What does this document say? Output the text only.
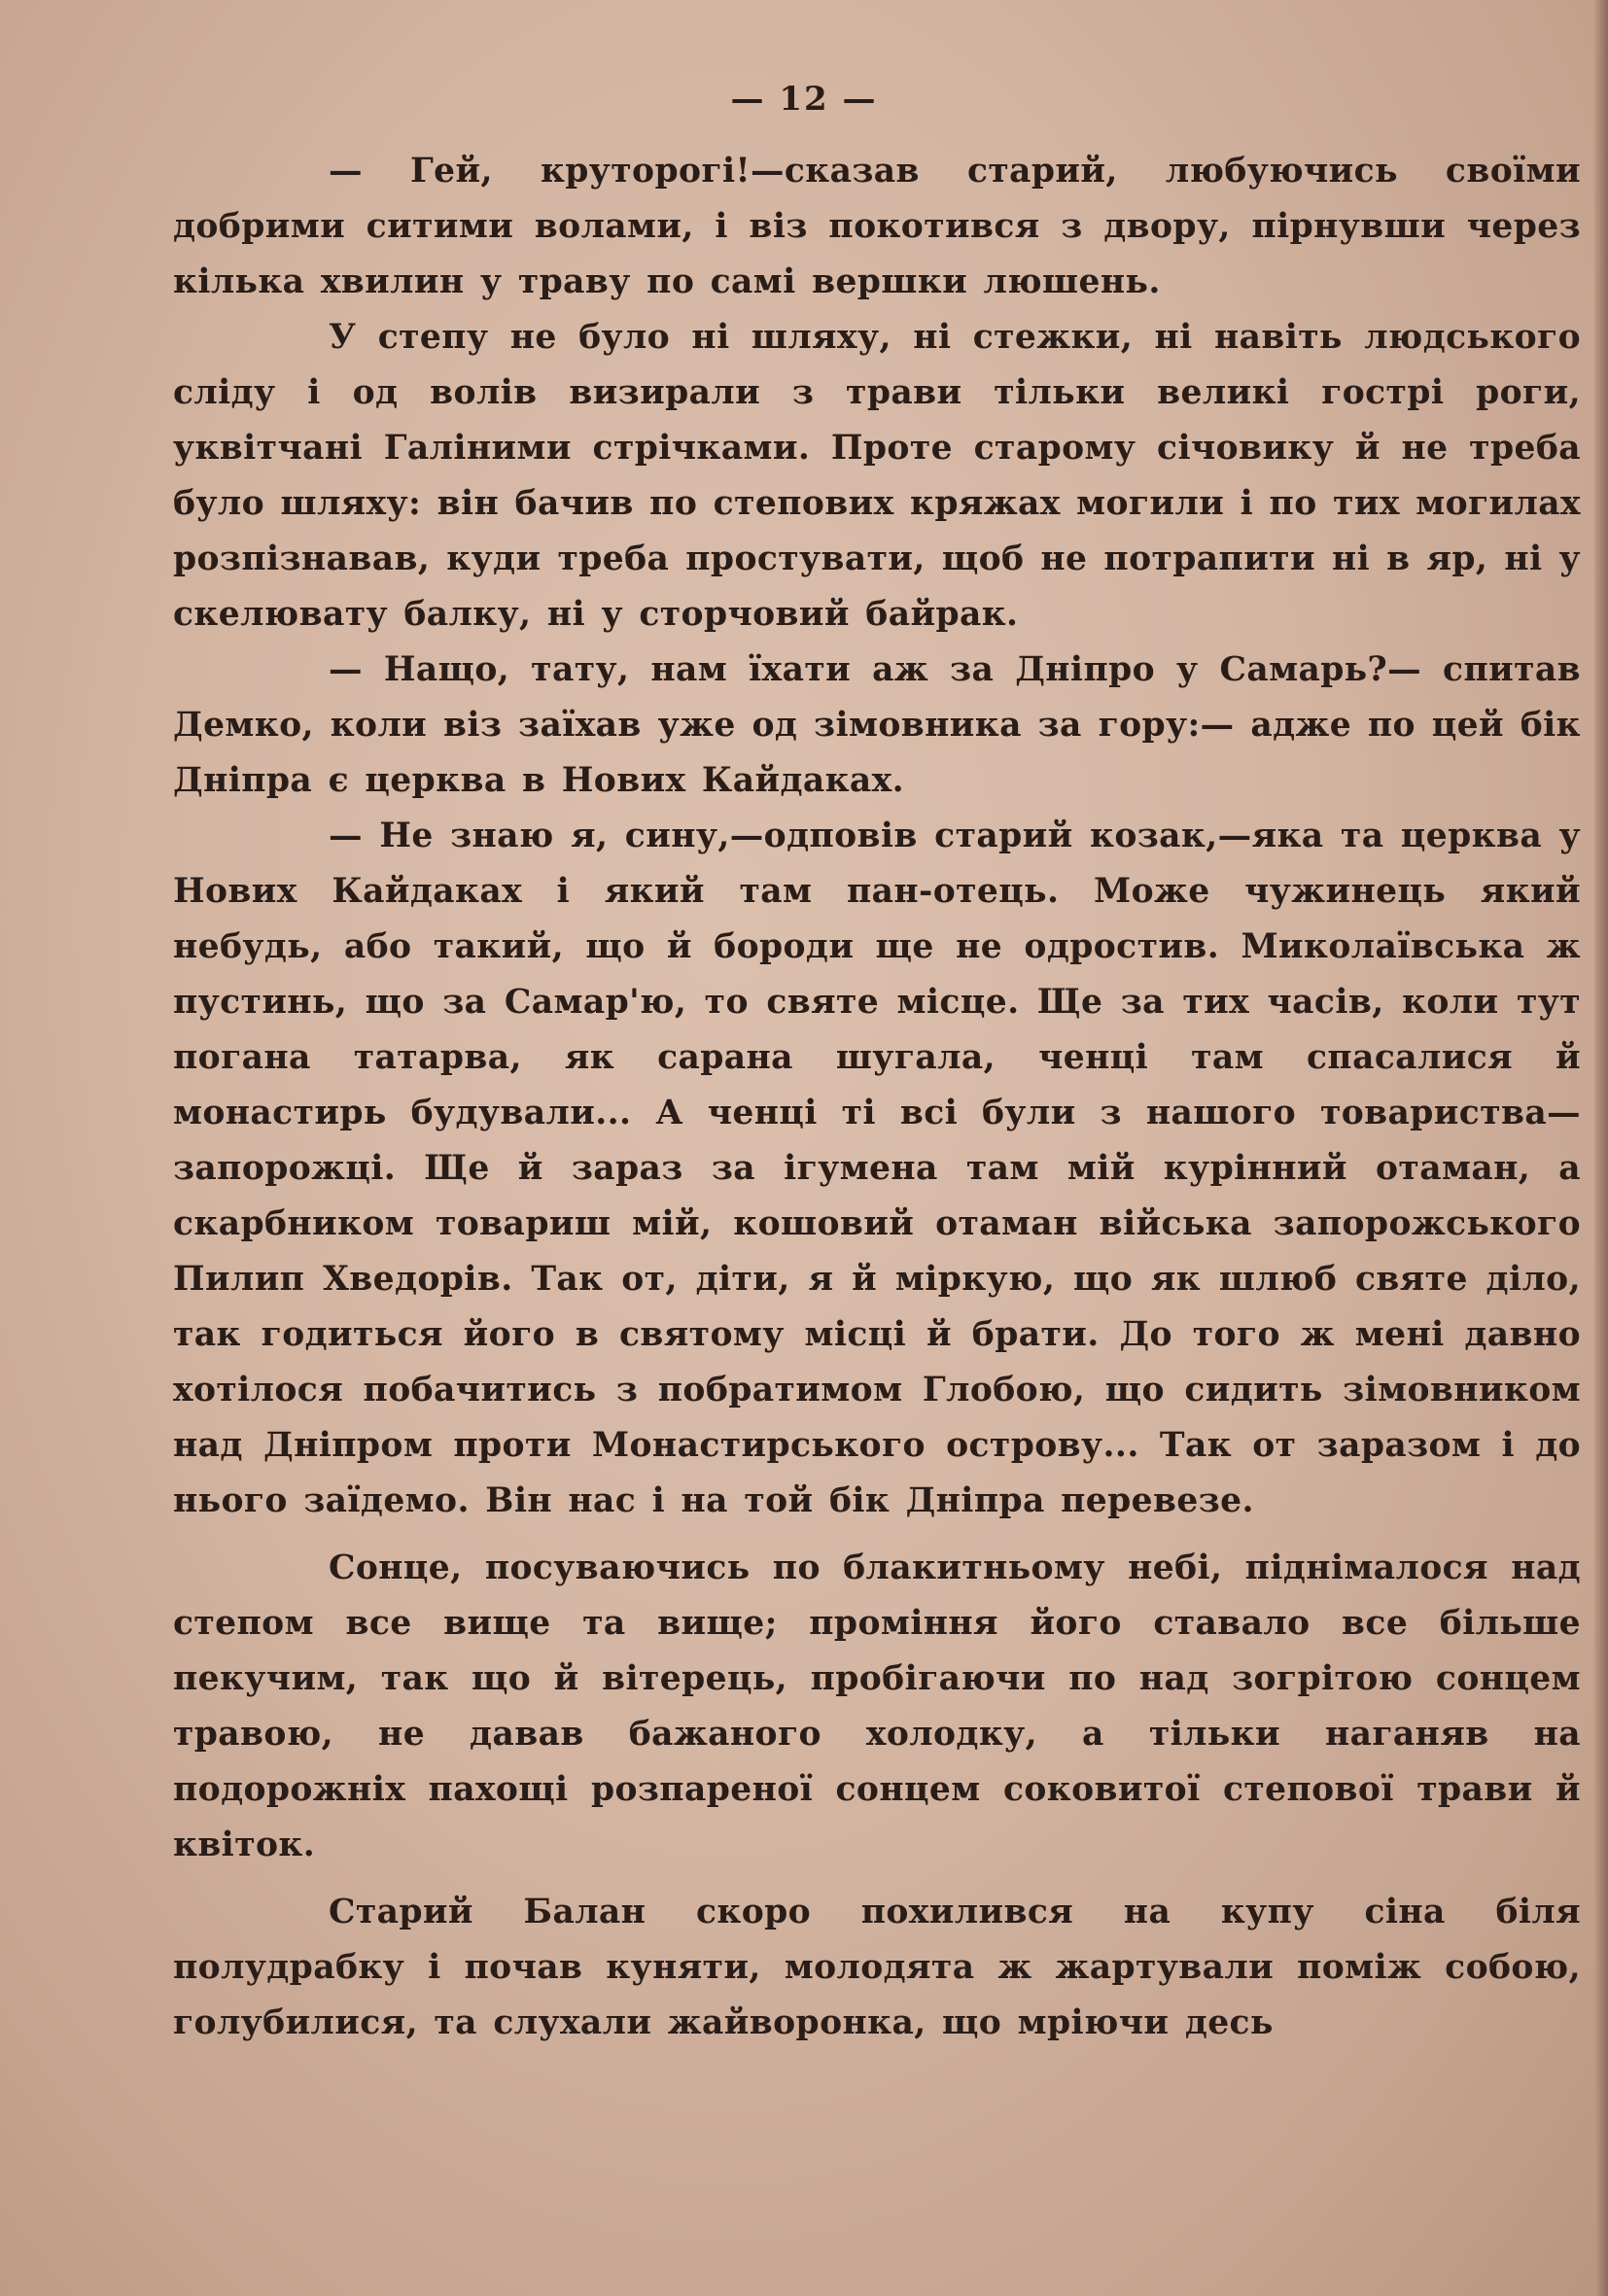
— 12 —

— Гей, круторогі!—сказав старий, любуючись своїми добрими ситими волами, і віз покотився з двору, пірнувши через кілька хвилин у траву по самі вершки люшень.

У степу не було ні шляху, ні стежки, ні навіть людського сліду і од волів визирали з трави тільки великі гострі роги, уквітчані Галіними стрічками. Проте старому січовику й не треба було шляху: він бачив по степових кряжах могили і по тих могилах розпізнавав, куди треба простувати, щоб не потрапити ні в яр, ні у скелювату балку, ні у сторчовий байрак.

— Нащо, тату, нам їхати аж за Дніпро у Самарь?— спитав Демко, коли віз заїхав уже од зімовника за гору:— адже по цей бік Дніпра є церква в Нових Кайдаках.

— Не знаю я, сину,—одповів старий козак,—яка та церква у Нових Кайдаках і який там пан-отець. Може чужинець який небудь, або такий, що й бороди ще не одростив. Миколаївська ж пустинь, що за Самар'ю, то святе місце. Ще за тих часів, коли тут погана татарва, як сарана шугала, ченці там спасалися й монастирь будували... А ченці ті всі були з нашого товариства—запорожці. Ще й зараз за ігумена там мій курінний отаман, а скарбником товариш мій, кошовий отаман війська запорожського Пилип Хведорів. Так от, діти, я й міркую, що як шлюб святе діло, так годиться його в святому місці й брати. До того ж мені давно хотілося побачитись з побратимом Глобою, що сидить зімовником над Дніпром проти Монастирського острову... Так от заразом і до нього заїдемо. Він нас і на той бік Дніпра перевезе.

Сонце, посуваючись по блакитньому небі, піднімалося над степом все вище та вище; проміння його ставало все більше пекучим, так що й вітерець, пробігаючи по над зогрітою сонцем травою, не давав бажаного холодку, а тільки наганяв на подорожніх пахощі розпареної сонцем соковитої степової трави й квіток.

Старий Балан скоро похилився на купу сіна біля полудрабку і почав куняти, молодята ж жартували поміж собою, голубилися, та слухали жайворонка, що мріючи десь
